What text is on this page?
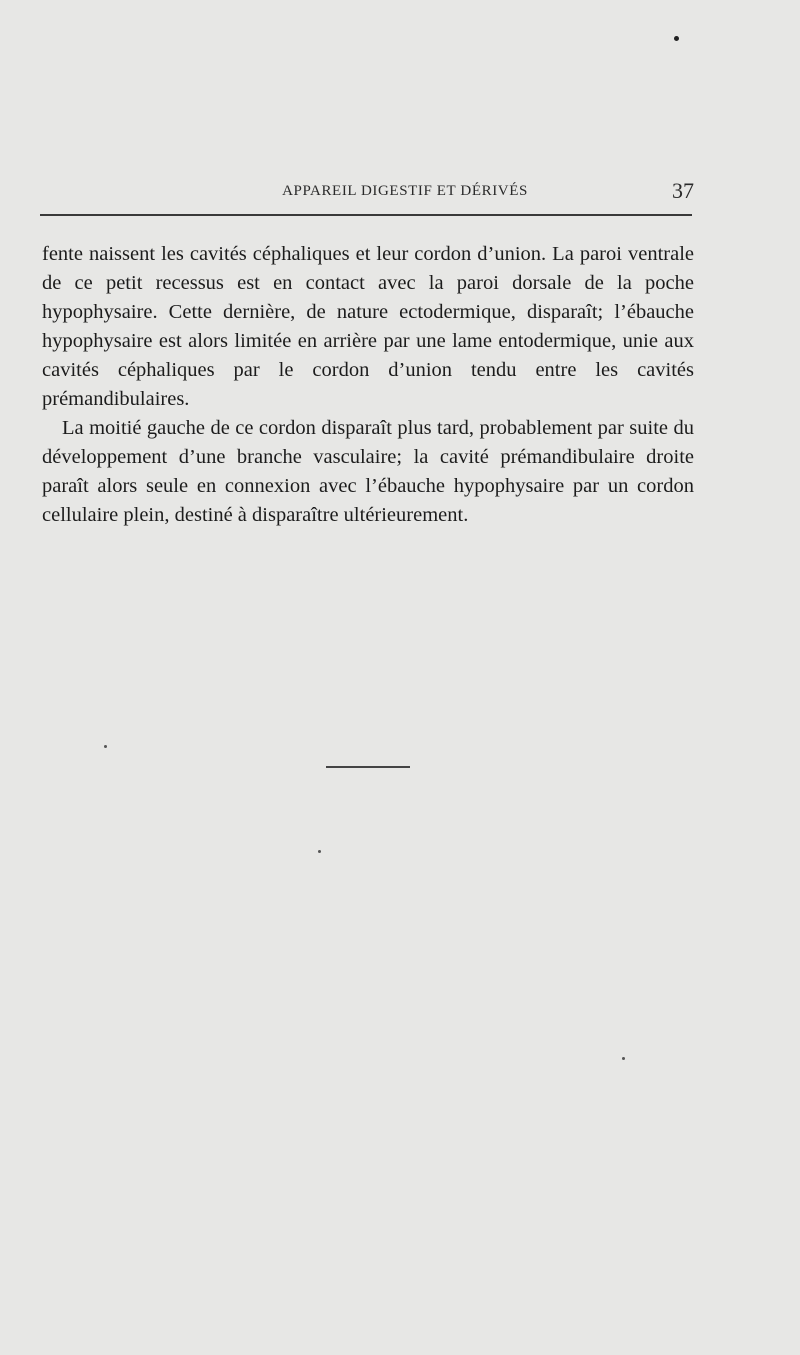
APPAREIL DIGESTIF ET DÉRIVÉS	37

fente naissent les cavités céphaliques et leur cordon d’union. La paroi ventrale de ce petit recessus est en contact avec la paroi dorsale de la poche hypophysaire. Cette dernière, de nature ectodermique, disparaît; l’ébauche hypophysaire est alors limitée en arrière par une lame entodermique, unie aux cavités céphaliques par le cordon d’union tendu entre les cavités prémandibulaires.

La moitié gauche de ce cordon disparaît plus tard, probablement par suite du développement d’une branche vasculaire; la cavité prémandibulaire droite paraît alors seule en connexion avec l’ébauche hypophysaire par un cordon cellulaire plein, destiné à disparaître ultérieurement.
